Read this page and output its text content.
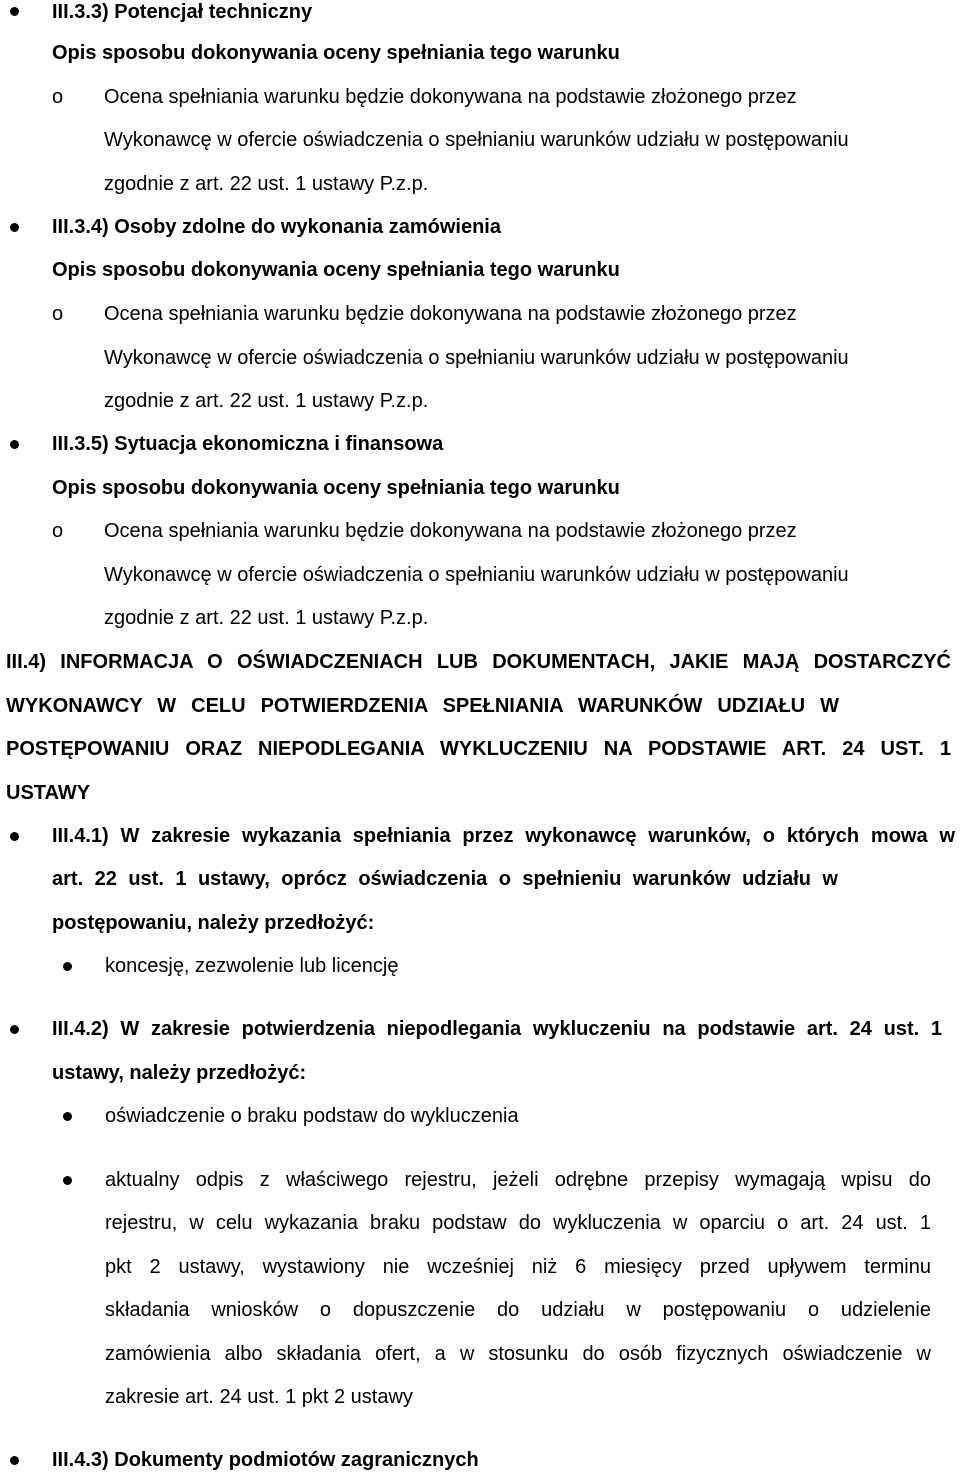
III.3.3) Potencjał techniczny
Opis sposobu dokonywania oceny spełniania tego warunku
o Ocena spełniania warunku będzie dokonywana na podstawie złożonego przez
Wykonawcę w ofercie oświadczenia o spełnianiu warunków udziału w postępowaniu
zgodnie z art. 22 ust. 1 ustawy P.z.p.
III.3.4) Osoby zdolne do wykonania zamówienia
Opis sposobu dokonywania oceny spełniania tego warunku
o Ocena spełniania warunku będzie dokonywana na podstawie złożonego przez
Wykonawcę w ofercie oświadczenia o spełnianiu warunków udziału w postępowaniu
zgodnie z art. 22 ust. 1 ustawy P.z.p.
III.3.5) Sytuacja ekonomiczna i finansowa
Opis sposobu dokonywania oceny spełniania tego warunku
o Ocena spełniania warunku będzie dokonywana na podstawie złożonego przez
Wykonawcę w ofercie oświadczenia o spełnianiu warunków udziału w postępowaniu
zgodnie z art. 22 ust. 1 ustawy P.z.p.
III.4) INFORMACJA O OŚWIADCZENIACH LUB DOKUMENTACH, JAKIE MAJĄ DOSTARCZYĆ
WYKONAWCY W CELU POTWIERDZENIA SPEŁNIANIA WARUNKÓW UDZIAŁU W
POSTĘPOWANIU ORAZ NIEPODLEGANIA WYKLUCZENIU NA PODSTAWIE ART. 24 UST. 1
USTAWY
III.4.1) W zakresie wykazania spełniania przez wykonawcę warunków, o których mowa w
art. 22 ust. 1 ustawy, oprócz oświadczenia o spełnieniu warunków udziału w
postępowaniu, należy przedłożyć:
koncesję, zezwolenie lub licencję
III.4.2) W zakresie potwierdzenia niepodlegania wykluczeniu na podstawie art. 24 ust. 1
ustawy, należy przedłożyć:
oświadczenie o braku podstaw do wykluczenia
aktualny odpis z właściwego rejestru, jeżeli odrębne przepisy wymagają wpisu do
rejestru, w celu wykazania braku podstaw do wykluczenia w oparciu o art. 24 ust. 1
pkt 2 ustawy, wystawiony nie wcześniej niż 6 miesięcy przed upływem terminu
składania wniosków o dopuszczenie do udziału w postępowaniu o udzielenie
zamówienia albo składania ofert, a w stosunku do osób fizycznych oświadczenie w
zakresie art. 24 ust. 1 pkt 2 ustawy
III.4.3) Dokumenty podmiotów zagranicznych
